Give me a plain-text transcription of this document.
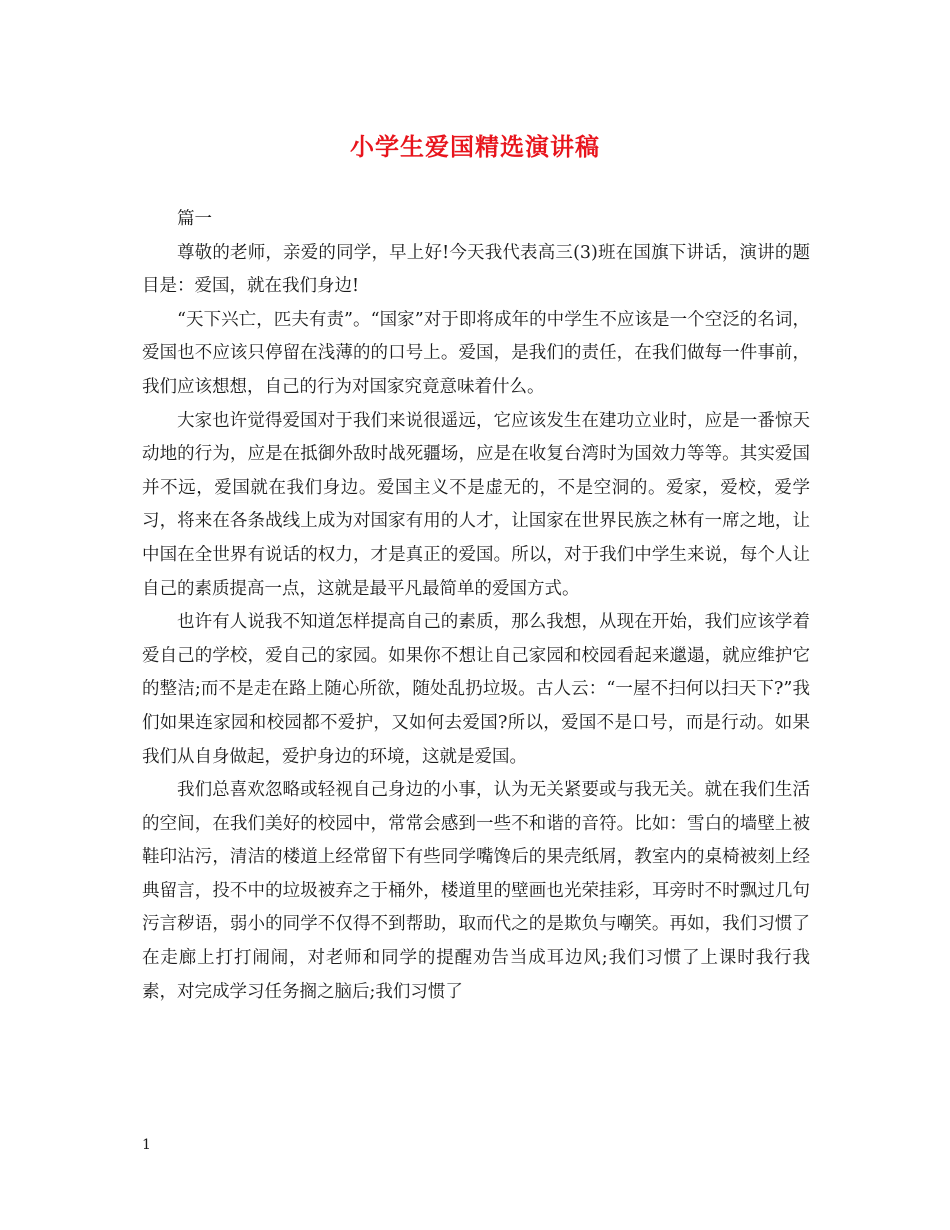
小学生爱国精选演讲稿

篇一

尊敬的老师，亲爱的同学，早上好!今天我代表高三(3)班在国旗下讲话，演讲的题目是：爱国，就在我们身边!

“天下兴亡，匹夫有责”。“国家”对于即将成年的中学生不应该是一个空泛的名词，爱国也不应该只停留在浅薄的的口号上。爱国，是我们的责任，在我们做每一件事前，我们应该想想，自己的行为对国家究竟意味着什么。

大家也许觉得爱国对于我们来说很遥远，它应该发生在建功立业时，应是一番惊天动地的行为，应是在抵御外敌时战死疆场，应是在收复台湾时为国效力等等。其实爱国并不远，爱国就在我们身边。爱国主义不是虚无的，不是空洞的。爱家，爱校，爱学习，将来在各条战线上成为对国家有用的人才，让国家在世界民族之林有一席之地，让中国在全世界有说话的权力，才是真正的爱国。所以，对于我们中学生来说，每个人让自己的素质提高一点，这就是最平凡最简单的爱国方式。

也许有人说我不知道怎样提高自己的素质，那么我想，从现在开始，我们应该学着爱自己的学校，爱自己的家园。如果你不想让自己家园和校园看起来邋遢，就应维护它的整洁;而不是走在路上随心所欲，随处乱扔垃圾。古人云：“一屋不扫何以扫天下?”我们如果连家园和校园都不爱护，又如何去爱国?所以，爱国不是口号，而是行动。如果我们从自身做起，爱护身边的环境，这就是爱国。

我们总喜欢忽略或轻视自己身边的小事，认为无关紧要或与我无关。就在我们生活的空间，在我们美好的校园中，常常会感到一些不和谐的音符。比如：雪白的墙壁上被鞋印沾污，清洁的楼道上经常留下有些同学嘴馋后的果壳纸屑，教室内的桌椅被刻上经典留言，投不中的垃圾被弃之于桶外，楼道里的壁画也光荣挂彩，耳旁时不时飘过几句污言秽语，弱小的同学不仅得不到帮助，取而代之的是欺负与嘲笑。再如，我们习惯了在走廊上打打闹闹，对老师和同学的提醒劝告当成耳边风;我们习惯了上课时我行我素，对完成学习任务搁之脑后;我们习惯了

1
